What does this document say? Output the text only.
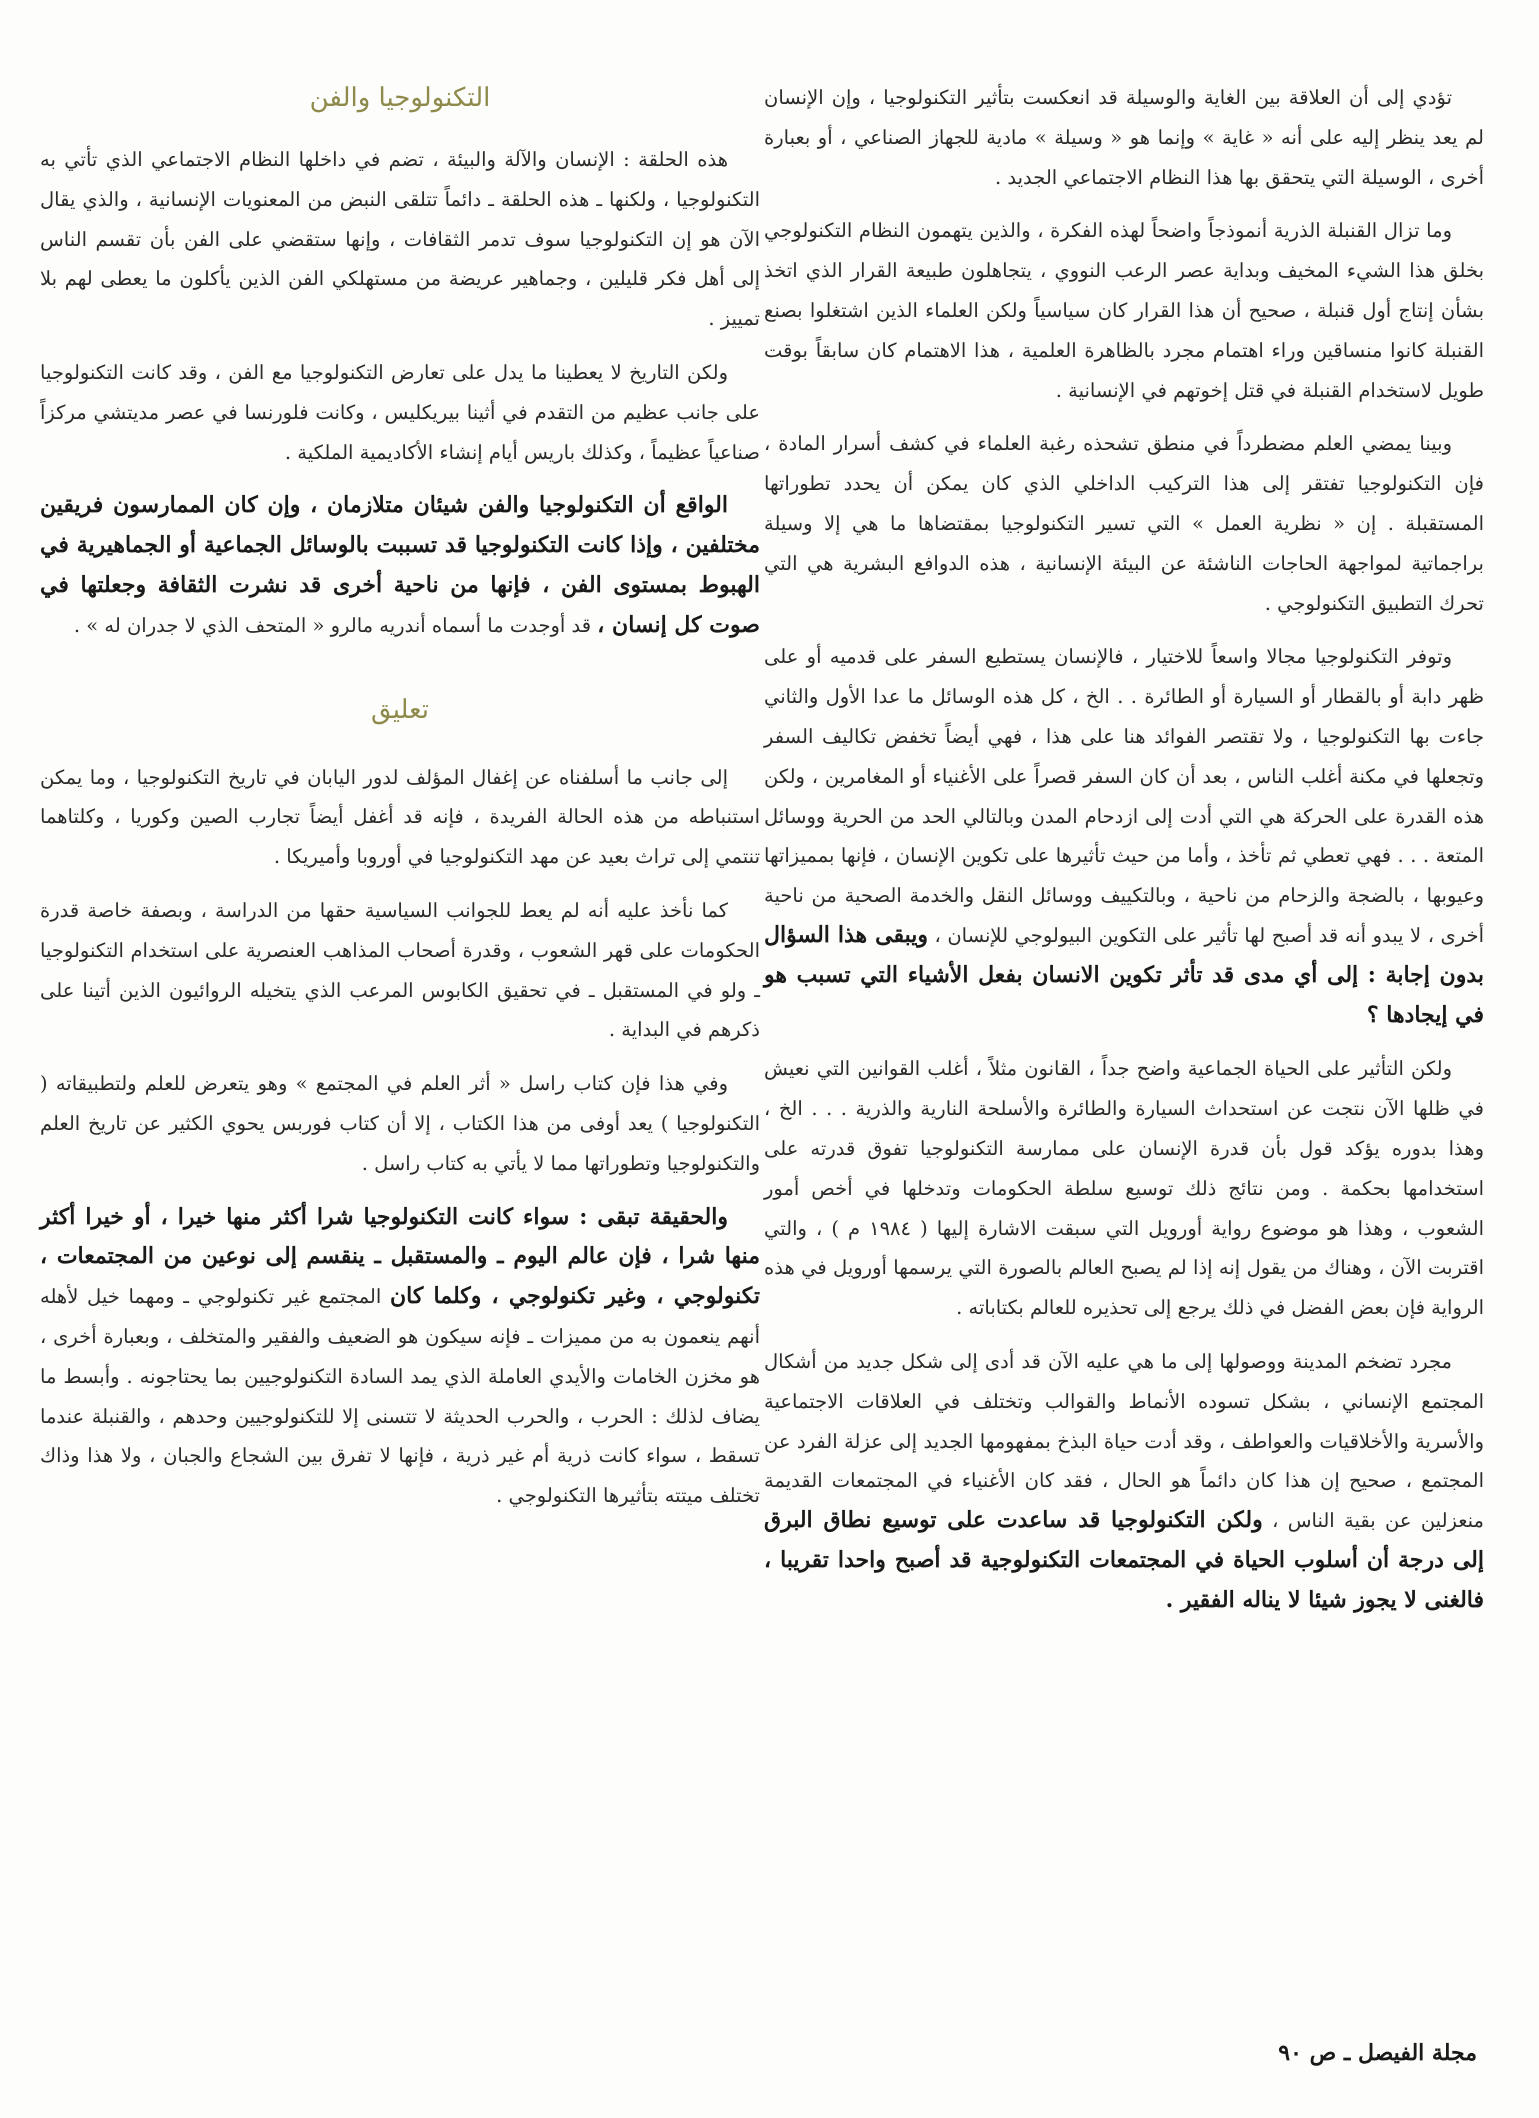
تؤدي إلى أن العلاقة بين الغاية والوسيلة قد انعكست بتأثير التكنولوجيا ، وإن الإنسان لم يعد ينظر إليه على أنه « غاية » وإنما هو « وسيلة » مادية للجهاز الصناعي ، أو بعبارة أخرى ، الوسيلة التي يتحقق بها هذا النظام الاجتماعي الجديد .

وما تزال القنبلة الذرية أنموذجاً واضحاً لهذه الفكرة ، والذين يتهمون النظام التكنولوجي بخلق هذا الشيء المخيف وبداية عصر الرعب النووي ، يتجاهلون طبيعة القرار الذي اتخذ بشأن إنتاج أول قنبلة ، صحيح أن هذا القرار كان سياسياً ولكن العلماء الذين اشتغلوا بصنع القنبلة كانوا منساقين وراء اهتمام مجرد بالظاهرة العلمية ، هذا الاهتمام كان سابقاً بوقت طويل لاستخدام القنبلة في قتل إخوتهم في الإنسانية .

وبينا يمضي العلم مضطرداً في منطق تشحذه رغبة العلماء في كشف أسرار المادة ، فإن التكنولوجيا تفتقر إلى هذا التركيب الداخلي الذي كان يمكن أن يحدد تطوراتها المستقبلة . إن « نظرية العمل » التي تسير التكنولوجيا بمقتضاها ما هي إلا وسيلة براجماتية لمواجهة الحاجات الناشئة عن البيئة الإنسانية ، هذه الدوافع البشرية هي التي تحرك التطبيق التكنولوجي .

وتوفر التكنولوجيا مجالا واسعاً للاختيار ، فالإنسان يستطيع السفر على قدميه أو على ظهر دابة أو بالقطار أو السيارة أو الطائرة . . الخ ، كل هذه الوسائل ما عدا الأول والثاني جاءت بها التكنولوجيا ، ولا تقتصر الفوائد هنا على هذا ، فهي أيضاً تخفض تكاليف السفر وتجعلها في مكنة أغلب الناس ، بعد أن كان السفر قصراً على الأغنياء أو المغامرين ، ولكن هذه القدرة على الحركة هي التي أدت إلى ازدحام المدن وبالتالي الحد من الحرية ووسائل المتعة . . . فهي تعطي ثم تأخذ ، وأما من حيث تأثيرها على تكوين الإنسان ، فإنها بمميزاتها وعيوبها ، بالضجة والزحام من ناحية ، وبالتكييف ووسائل النقل والخدمة الصحية من ناحية أخرى ، لا يبدو أنه قد أصبح لها تأثير على التكوين البيولوجي للإنسان ، ويبقى هذا السؤال بدون إجابة : إلى أي مدى قد تأثر تكوين الانسان بفعل الأشياء التي تسبب هو في إيجادها ؟

ولكن التأثير على الحياة الجماعية واضح جداً ، القانون مثلاً ، أغلب القوانين التي نعيش في ظلها الآن نتجت عن استحداث السيارة والطائرة والأسلحة النارية والذرية . . . الخ ، وهذا بدوره يؤكد قول بأن قدرة الإنسان على ممارسة التكنولوجيا تفوق قدرته على استخدامها بحكمة . ومن نتائج ذلك توسيع سلطة الحكومات وتدخلها في أخص أمور الشعوب ، وهذا هو موضوع رواية أورويل التي سبقت الاشارة إليها ( ١٩٨٤ م ) ، والتي اقتربت الآن ، وهناك من يقول إنه إذا لم يصبح العالم بالصورة التي يرسمها أورويل في هذه الرواية فإن بعض الفضل في ذلك يرجع إلى تحذيره للعالم بكتاباته .

مجرد تضخم المدينة ووصولها إلى ما هي عليه الآن قد أدى إلى شكل جديد من أشكال المجتمع الإنساني ، بشكل تسوده الأنماط والقوالب وتختلف في العلاقات الاجتماعية والأسرية والأخلاقيات والعواطف ، وقد أدت حياة البذخ بمفهومها الجديد إلى عزلة الفرد عن المجتمع ، صحيح إن هذا كان دائماً هو الحال ، فقد كان الأغنياء في المجتمعات القديمة منعزلين عن بقية الناس ، ولكن التكنولوجيا قد ساعدت على توسيع نطاق البرق إلى درجة أن أسلوب الحياة في المجتمعات التكنولوجية قد أصبح واحدا تقريبا ، فالغنى لا يجوز شيئا لا يناله الفقير .

التكنولوجيا والفن

هذه الحلقة : الإنسان والآلة والبيئة ، تضم في داخلها النظام الاجتماعي الذي تأتي به التكنولوجيا ، ولكنها ـ هذه الحلقة ـ دائماً تتلقى النبض من المعنويات الإنسانية ، والذي يقال الآن هو إن التكنولوجيا سوف تدمر الثقافات ، وإنها ستقضي على الفن بأن تقسم الناس إلى أهل فكر قليلين ، وجماهير عريضة من مستهلكي الفن الذين يأكلون ما يعطى لهم بلا تمييز .

ولكن التاريخ لا يعطينا ما يدل على تعارض التكنولوجيا مع الفن ، وقد كانت التكنولوجيا على جانب عظيم من التقدم في أثينا بيريكليس ، وكانت فلورنسا في عصر مديتشي مركزاً صناعياً عظيماً ، وكذلك باريس أيام إنشاء الأكاديمية الملكية .

الواقع أن التكنولوجيا والفن شيئان متلازمان ، وإن كان الممارسون فريقين مختلفين ، وإذا كانت التكنولوجيا قد تسببت بالوسائل الجماعية أو الجماهيرية في الهبوط بمستوى الفن ، فإنها من ناحية أخرى قد نشرت الثقافة وجعلتها في صوت كل إنسان ، قد أوجدت ما أسماه أندريه مالرو « المتحف الذي لا جدران له » .

تعليق

إلى جانب ما أسلفناه عن إغفال المؤلف لدور اليابان في تاريخ التكنولوجيا ، وما يمكن استنباطه من هذه الحالة الفريدة ، فإنه قد أغفل أيضاً تجارب الصين وكوريا ، وكلتاهما تنتمي إلى تراث بعيد عن مهد التكنولوجيا في أوروبا وأميريكا .

كما نأخذ عليه أنه لم يعط للجوانب السياسية حقها من الدراسة ، وبصفة خاصة قدرة الحكومات على قهر الشعوب ، وقدرة أصحاب المذاهب العنصرية على استخدام التكنولوجيا ـ ولو في المستقبل ـ في تحقيق الكابوس المرعب الذي يتخيله الروائيون الذين أتينا على ذكرهم في البداية .

وفي هذا فإن كتاب راسل « أثر العلم في المجتمع » وهو يتعرض للعلم ولتطبيقاته ( التكنولوجيا ) يعد أوفى من هذا الكتاب ، إلا أن كتاب فوربس يحوي الكثير عن تاريخ العلم والتكنولوجيا وتطوراتها مما لا يأتي به كتاب راسل .

والحقيقة تبقى : سواء كانت التكنولوجيا شرا أكثر منها خيرا ، أو خيرا أكثر منها شرا ، فإن عالم اليوم ـ والمستقبل ـ ينقسم إلى نوعين من المجتمعات ، تكنولوجي ، وغير تكنولوجي ، وكلما كان المجتمع غير تكنولوجي ـ ومهما خيل لأهله أنهم ينعمون به من مميزات ـ فإنه سيكون هو الضعيف والفقير والمتخلف ، وبعبارة أخرى ، هو مخزن الخامات والأيدي العاملة الذي يمد السادة التكنولوجيين بما يحتاجونه . وأبسط ما يضاف لذلك : الحرب ، والحرب الحديثة لا تتسنى إلا للتكنولوجيين وحدهم ، والقنبلة عندما تسقط ، سواء كانت ذرية أم غير ذرية ، فإنها لا تفرق بين الشجاع والجبان ، ولا هذا وذاك تختلف ميتته بتأثيرها التكنولوجي .

مجلة الفيصل ـ ص ٩٠
